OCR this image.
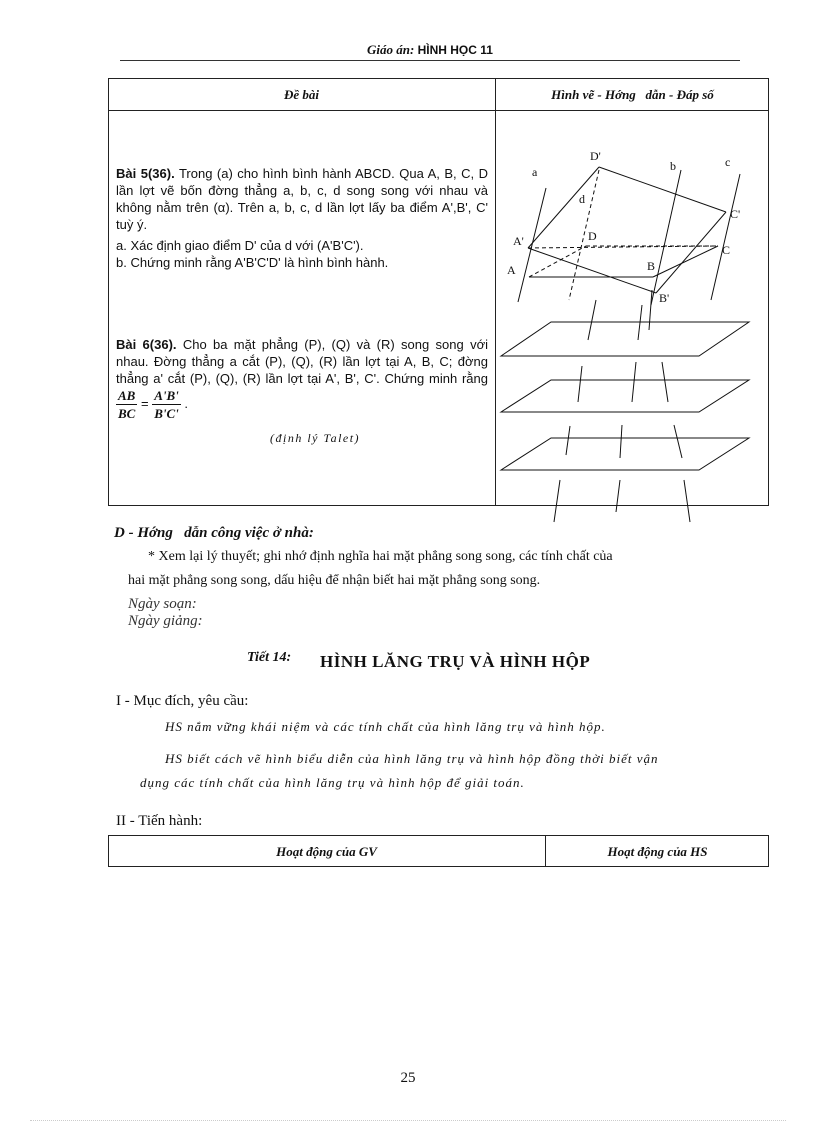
Giáo án: HÌNH HỌC 11
Đề bài	Hình vẽ - Hớng   dẫn - Đáp số
Bài 5(36). Trong (a) cho hình bình hành ABCD. Qua A, B, C, D lần lợt vẽ bốn đờng thẳng a, b, c, d song song với nhau và không nằm trên (α). Trên a, b, c, d lần lợt lấy ba điểm A',B', C' tuỳ ý.
a. Xác định giao điểm D' của d với (A'B'C').
b. Chứng minh rằng A'B'C'D' là hình bình hành.
Bài 6(36). Cho ba mặt phẳng (P), (Q) và (R) song song với nhau. Đờng thẳng a cắt (P), (Q), (R) lần lợt tại A, B, C; đờng thẳng a' cắt (P), (Q), (R) lần lợt tại A', B', C'. Chứng minh rằng
$\frac{AB}{BC} = \frac{A'B'}{B'C'}$ .
(định lý Talet)
D'
a	b	c
d
C'
A'	D
C
A	B
B'
D - Hớng   dẫn công việc ở nhà:
* Xem lại lý thuyết; ghi nhớ định nghĩa hai mặt phẳng song song, các tính chất của
hai mặt phẳng song song, dấu hiệu để nhận biết hai mặt phẳng song song.
Ngày soạn:
Ngày giảng:
Tiết 14: HÌNH LĂNG TRỤ VÀ HÌNH HỘP
I - Mục đích, yêu cầu:
HS nắm vững khái niệm và các tính chất của hình lăng trụ và hình hộp.
HS biết cách vẽ hình biểu diễn của hình lăng trụ và hình hộp đồng thời biết vận
dụng các tính chất của hình lăng trụ và hình hộp để giải toán.
II - Tiến hành:
Hoạt động của GV	Hoạt động của HS
25
